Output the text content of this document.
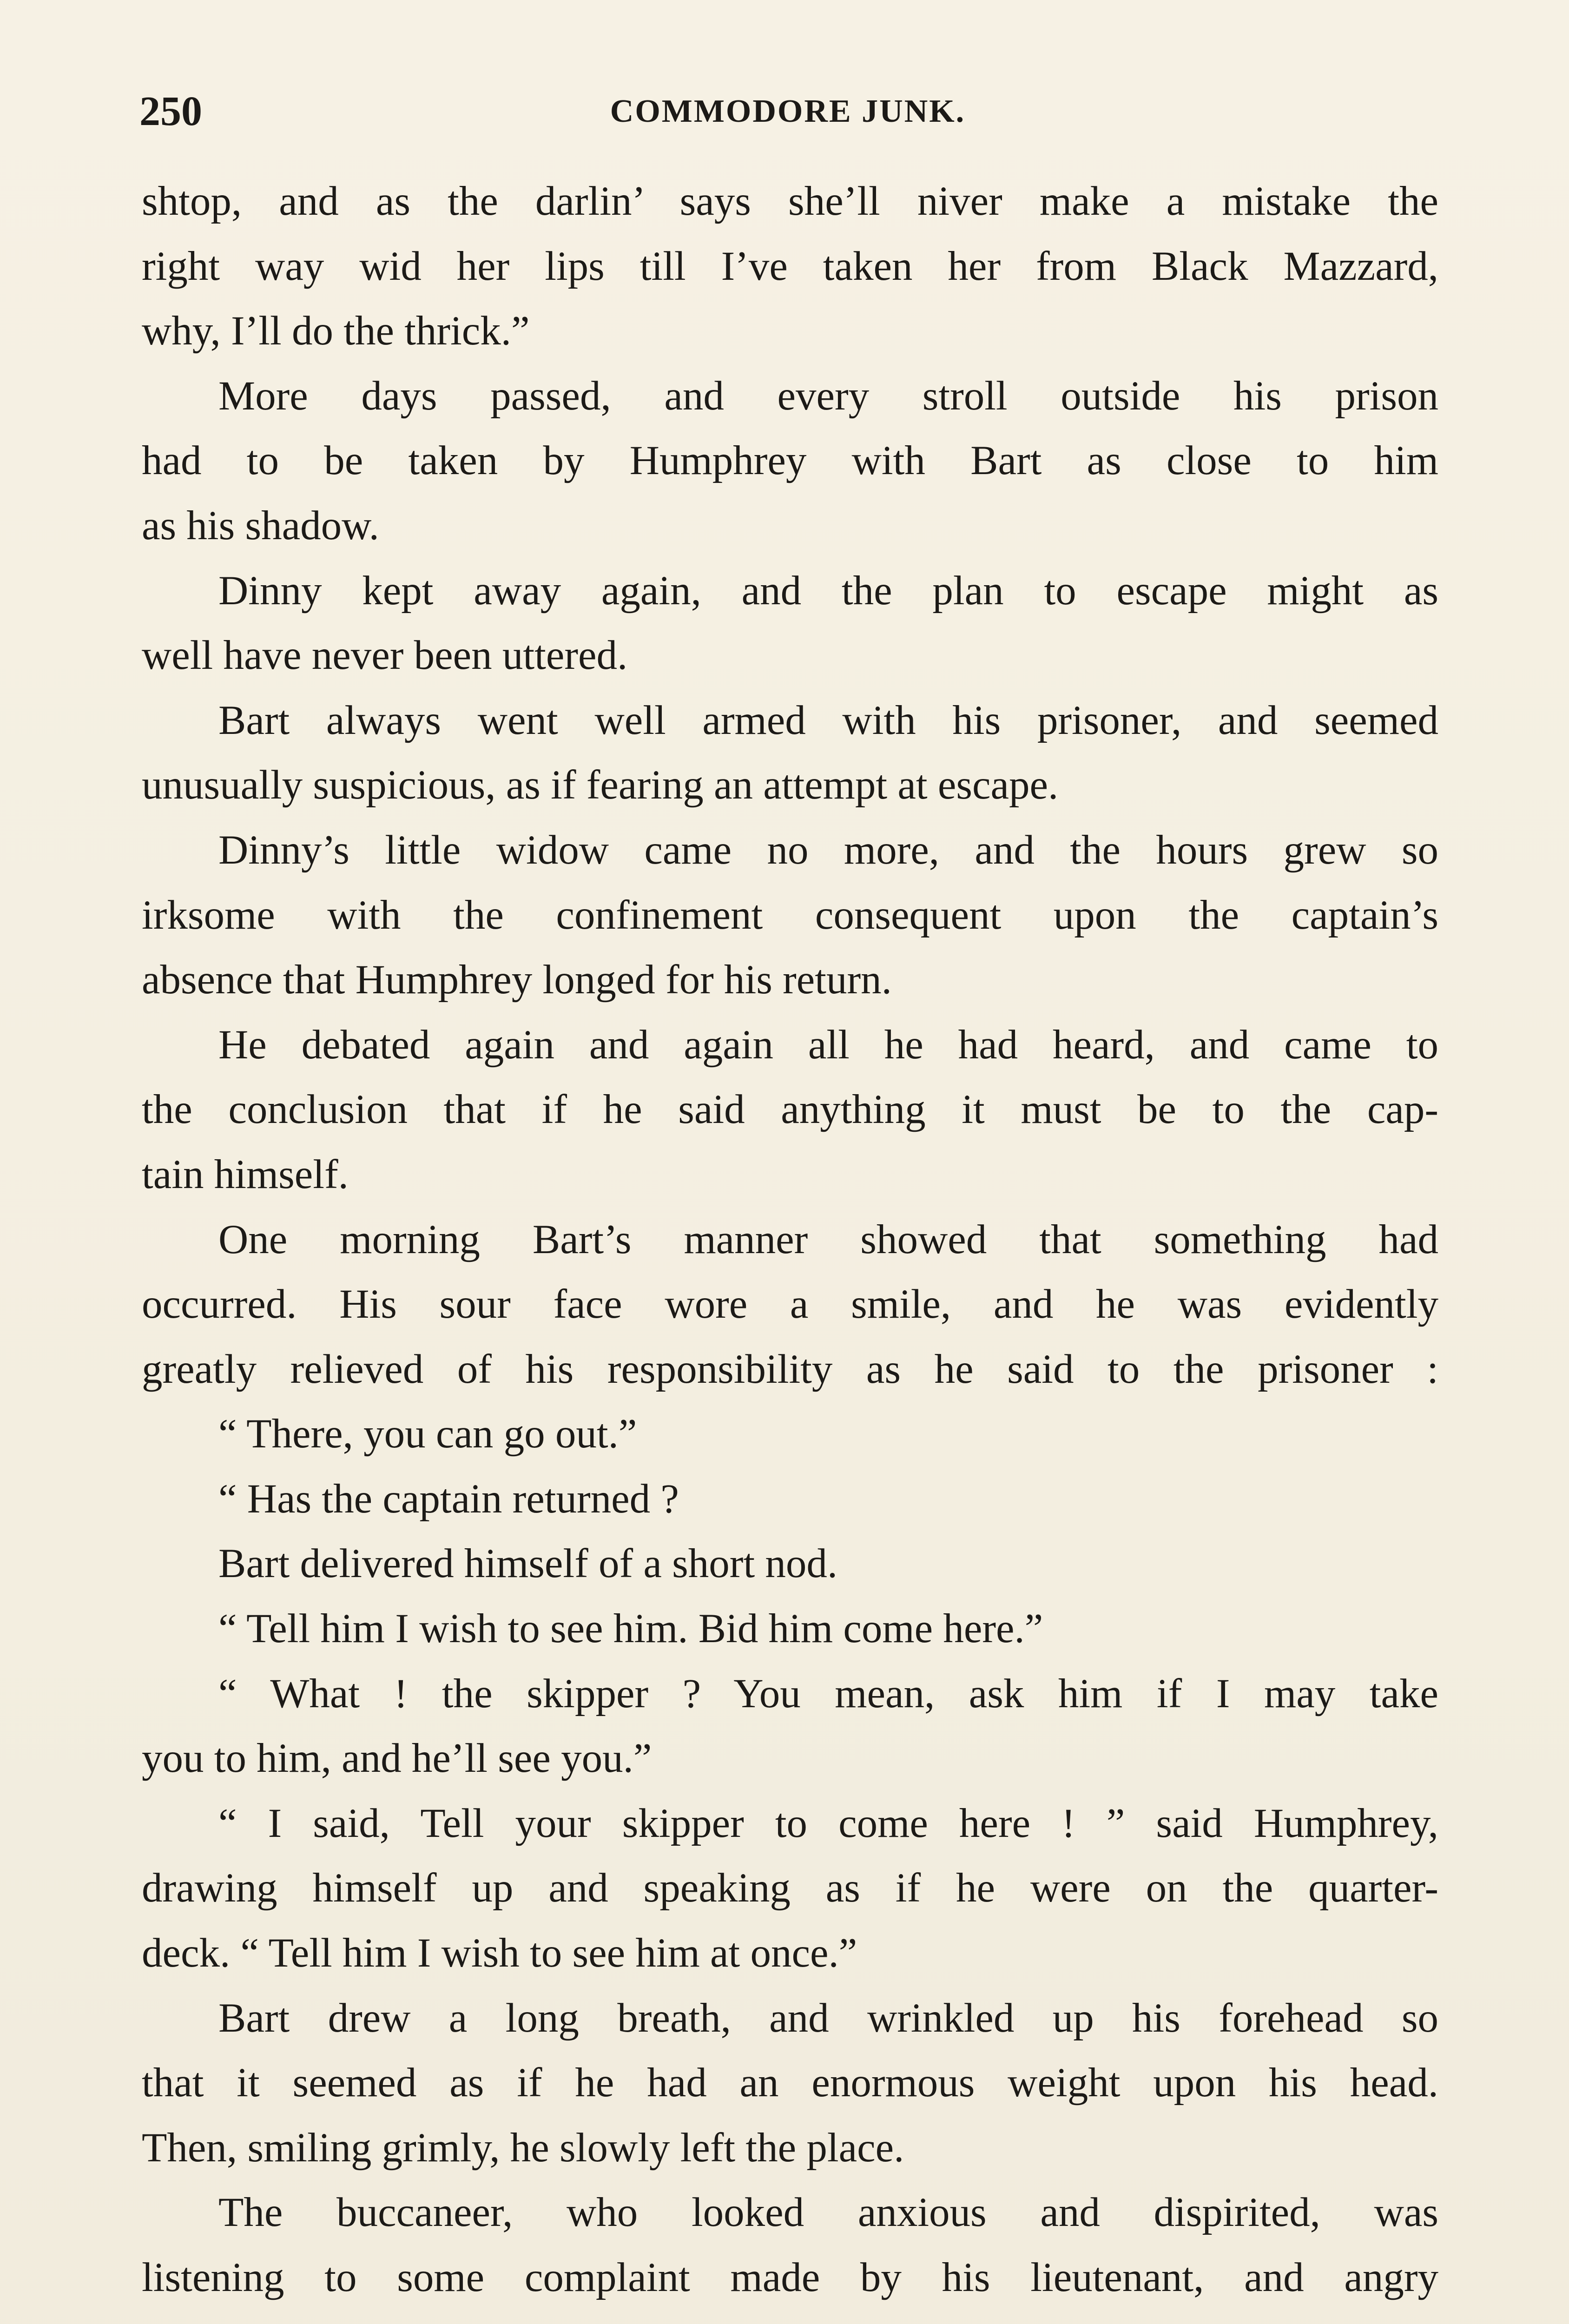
250	COMMODORE JUNK.
shtop, and as the darlin’ says she’ll niver make a mistake the
right way wid her lips till I’ve taken her from Black Mazzard,
why, I’ll do the thrick.”
More days passed, and every stroll outside his prison
had to be taken by Humphrey with Bart as close to him
as his shadow.
Dinny kept away again, and the plan to escape might as
well have never been uttered.
Bart always went well armed with his prisoner, and seemed
unusually suspicious, as if fearing an attempt at escape.
Dinny’s little widow came no more, and the hours grew so
irksome with the confinement consequent upon the captain’s
absence that Humphrey longed for his return.
He debated again and again all he had heard, and came to
the conclusion that if he said anything it must be to the cap-
tain himself.
One morning Bart’s manner showed that something had
occurred. His sour face wore a smile, and he was evidently
greatly relieved of his responsibility as he said to the prisoner :
“ There, you can go out.”
“ Has the captain returned ?
Bart delivered himself of a short nod.
“ Tell him I wish to see him. Bid him come here.”
“ What ! the skipper ? You mean, ask him if I may take
you to him, and he’ll see you.”
“ I said, Tell your skipper to come here ! ” said Humphrey,
drawing himself up and speaking as if he were on the quarter-
deck. “ Tell him I wish to see him at once.”
Bart drew a long breath, and wrinkled up his forehead so
that it seemed as if he had an enormous weight upon his head.
Then, smiling grimly, he slowly left the place.
The buccaneer, who looked anxious and dispirited, was
listening to some complaint made by his lieutenant, and angry
